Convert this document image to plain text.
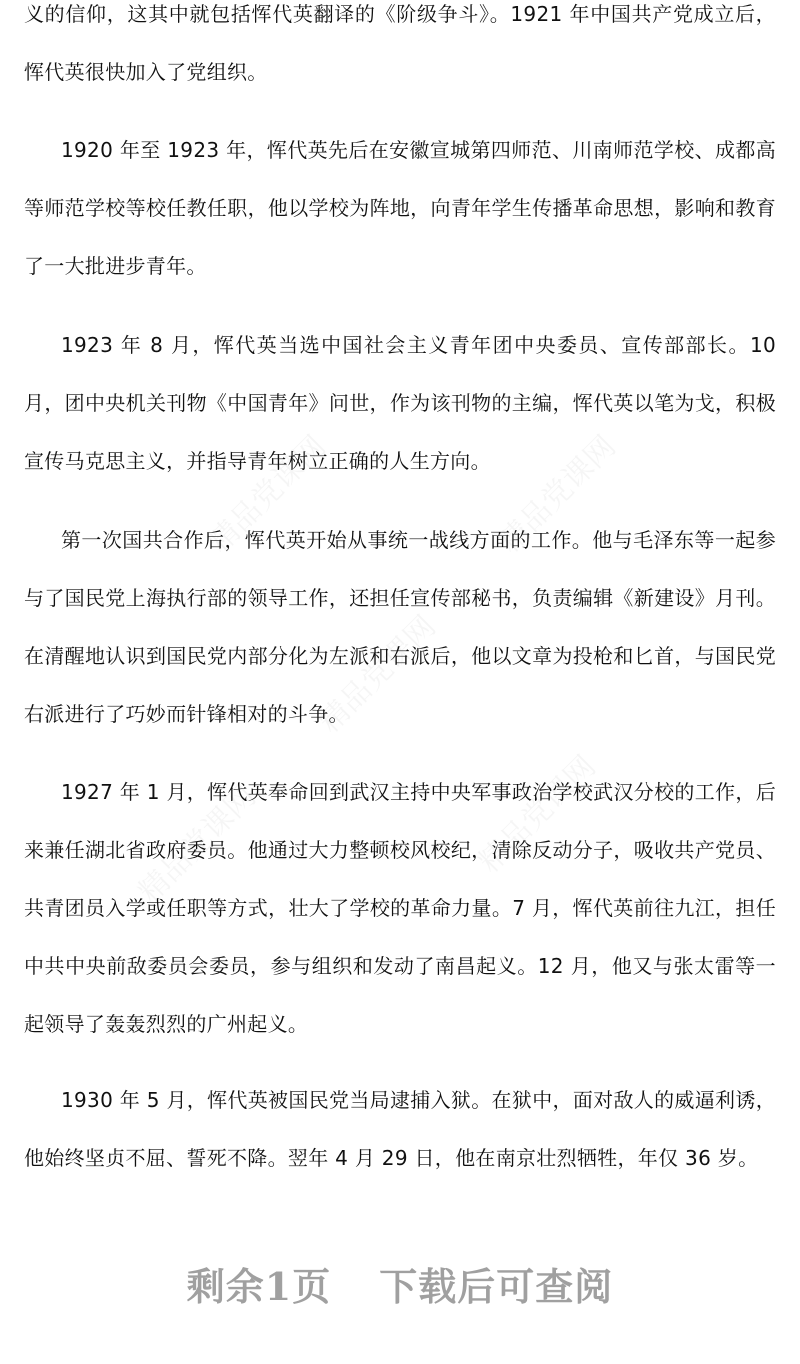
义的信仰，这其中就包括恽代英翻译的《阶级争斗》。1921 年中国共产党成立后，恽代英很快加入了党组织。

1920 年至 1923 年，恽代英先后在安徽宣城第四师范、川南师范学校、成都高等师范学校等校任教任职，他以学校为阵地，向青年学生传播革命思想，影响和教育了一大批进步青年。

1923 年 8 月，恽代英当选中国社会主义青年团中央委员、宣传部部长。10 月，团中央机关刊物《中国青年》问世，作为该刊物的主编，恽代英以笔为戈，积极宣传马克思主义，并指导青年树立正确的人生方向。

第一次国共合作后，恽代英开始从事统一战线方面的工作。他与毛泽东等一起参与了国民党上海执行部的领导工作，还担任宣传部秘书，负责编辑《新建设》月刊。在清醒地认识到国民党内部分化为左派和右派后，他以文章为投枪和匕首，与国民党右派进行了巧妙而针锋相对的斗争。

1927 年 1 月，恽代英奉命回到武汉主持中央军事政治学校武汉分校的工作，后来兼任湖北省政府委员。他通过大力整顿校风校纪，清除反动分子，吸收共产党员、共青团员入学或任职等方式，壮大了学校的革命力量。7 月，恽代英前往九江，担任中共中央前敌委员会委员，参与组织和发动了南昌起义。12 月，他又与张太雷等一起领导了轰轰烈烈的广州起义。

1930 年 5 月，恽代英被国民党当局逮捕入狱。在狱中，面对敌人的威逼利诱，他始终坚贞不屈、誓死不降。翌年 4 月 29 日，他在南京壮烈牺牲，年仅 36 岁。

剩余1页 下载后可查阅
